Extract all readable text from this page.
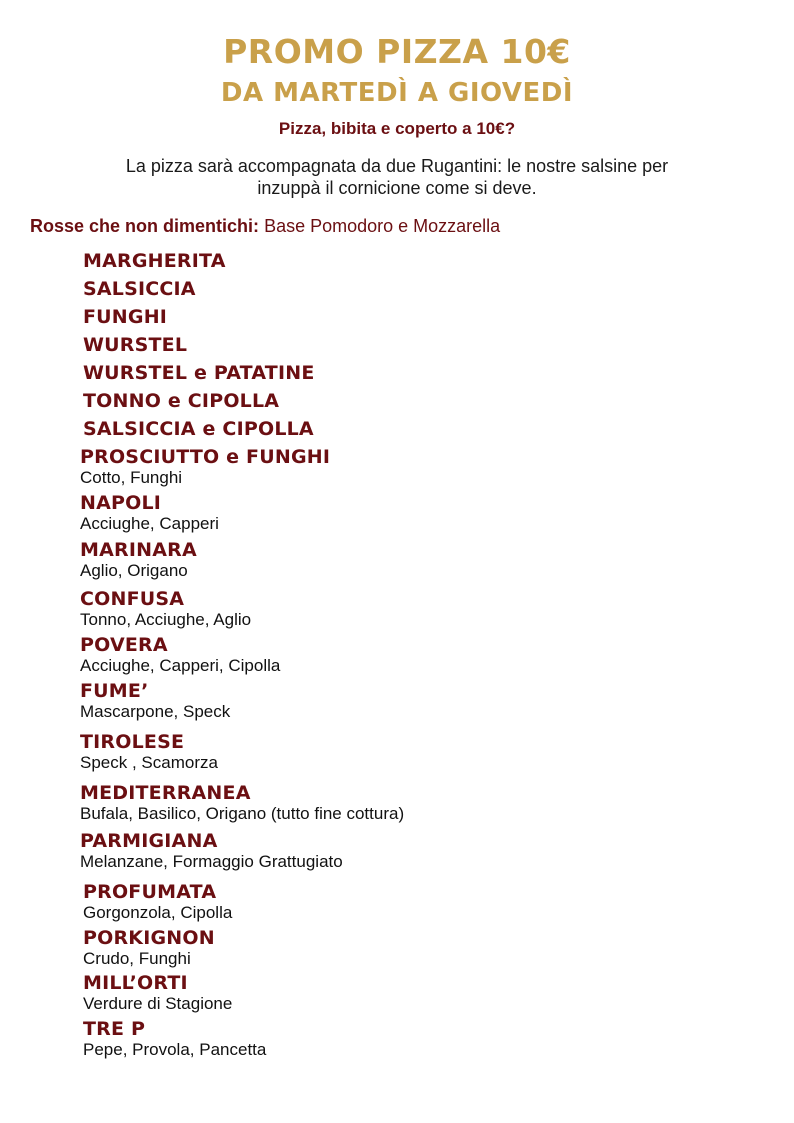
PROMO PIZZA 10€
DA MARTEDÌ A GIOVEDÌ
Pizza, bibita e coperto a 10€?
La pizza sarà accompagnata da due Rugantini: le nostre salsine per
inzuppà il cornicione come si deve.
Rosse che non dimentichi: Base Pomodoro e Mozzarella
MARGHERITA
SALSICCIA
FUNGHI
WURSTEL
WURSTEL e PATATINE
TONNO e CIPOLLA
SALSICCIA e CIPOLLA
PROSCIUTTO e FUNGHI
Cotto, Funghi
NAPOLI
Acciughe, Capperi
MARINARA
Aglio, Origano
CONFUSA
Tonno, Acciughe, Aglio
POVERA
Acciughe, Capperi, Cipolla
FUME’
Mascarpone, Speck
TIROLESE
Speck , Scamorza
MEDITERRANEA
Bufala, Basilico, Origano (tutto fine cottura)
PARMIGIANA
Melanzane, Formaggio Grattugiato
PROFUMATA
Gorgonzola, Cipolla
PORKIGNON
Crudo, Funghi
MILL’ORTI
Verdure di Stagione
TRE P
Pepe, Provola, Pancetta
